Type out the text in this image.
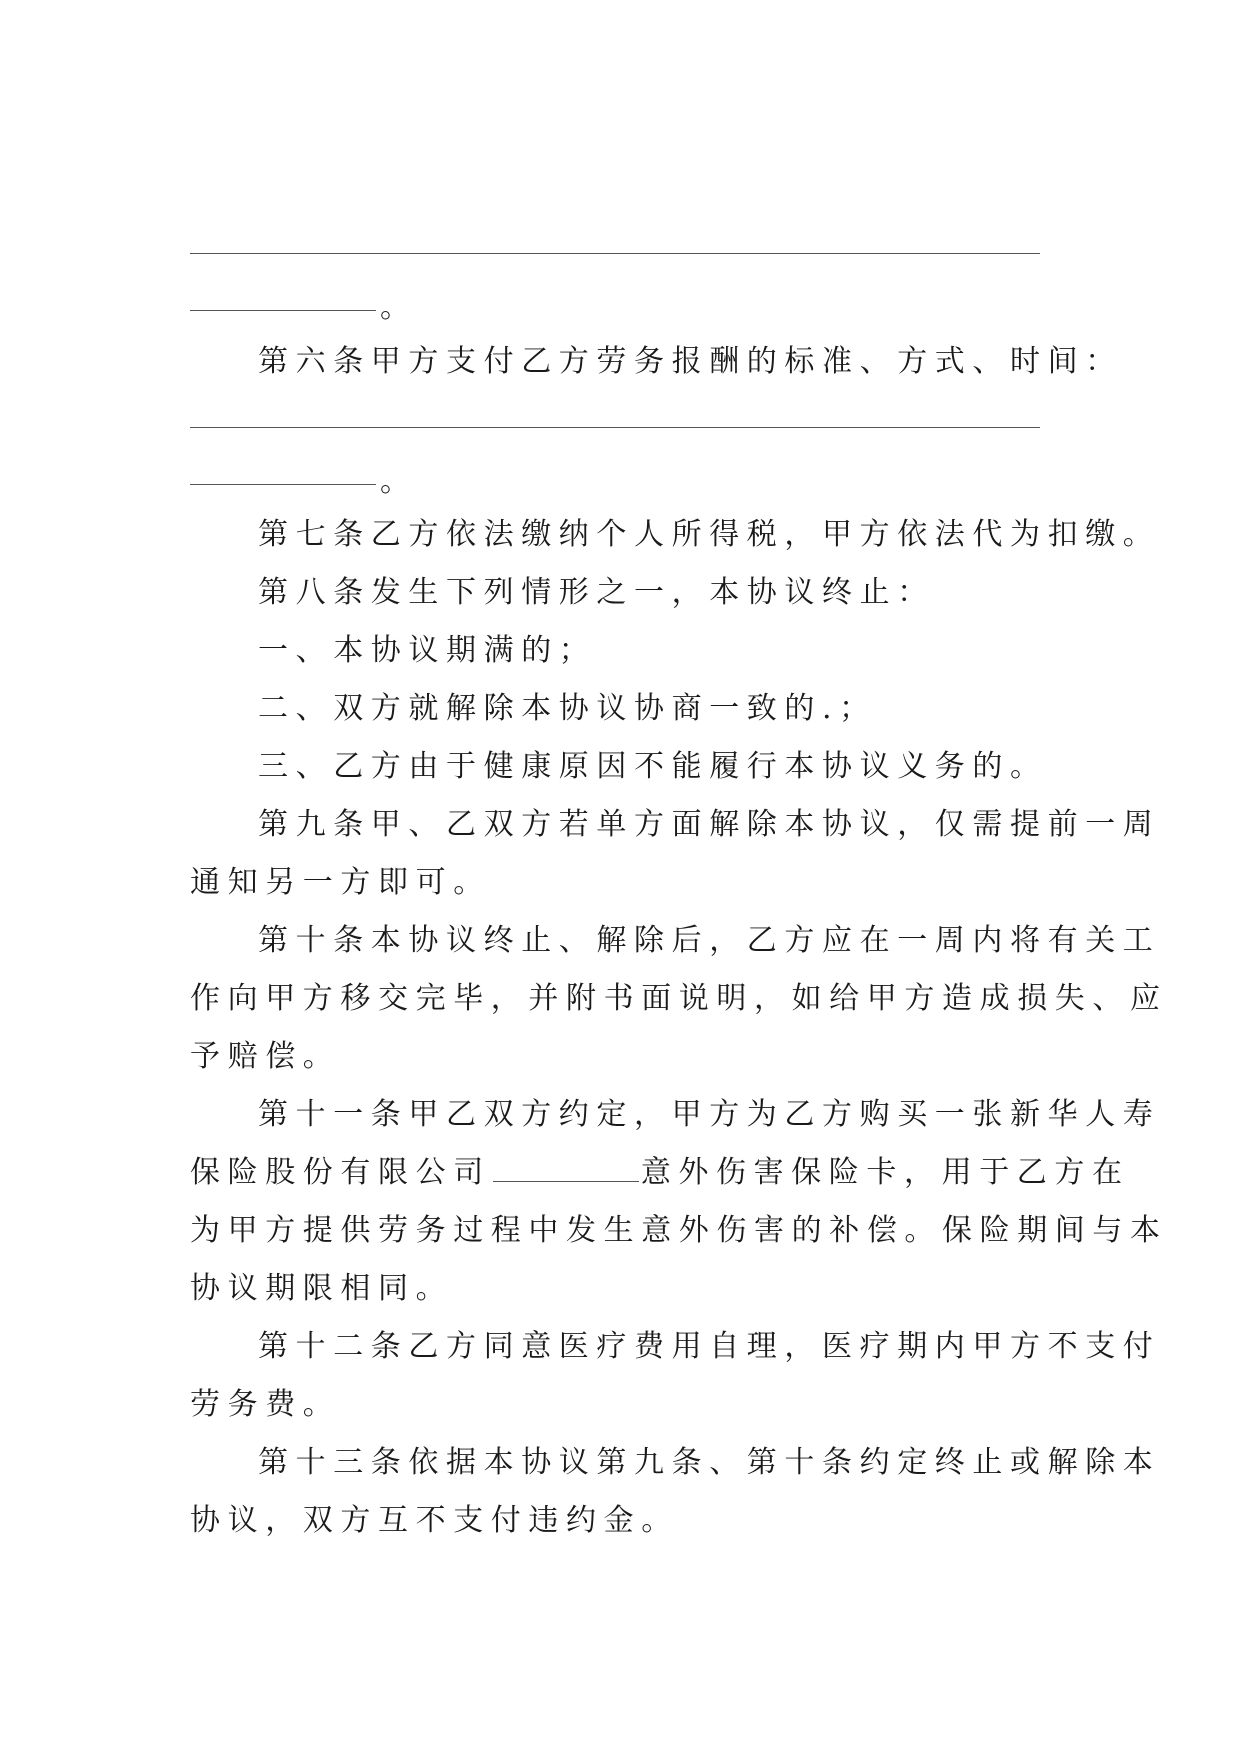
。
第六条甲方支付乙方劳务报酬的标准、方式、时间：
。
第七条乙方依法缴纳个人所得税，甲方依法代为扣缴。
第八条发生下列情形之一，本协议终止：
一、本协议期满的；
二、双方就解除本协议协商一致的.；
三、乙方由于健康原因不能履行本协议义务的。
第九条甲、乙双方若单方面解除本协议，仅需提前一周
通知另一方即可。
第十条本协议终止、解除后，乙方应在一周内将有关工
作向甲方移交完毕，并附书面说明，如给甲方造成损失、应
予赔偿。
第十一条甲乙双方约定，甲方为乙方购买一张新华人寿
保险股份有限公司	意外伤害保险卡，用于乙方在
为甲方提供劳务过程中发生意外伤害的补偿。保险期间与本
协议期限相同。
第十二条乙方同意医疗费用自理，医疗期内甲方不支付
劳务费。
第十三条依据本协议第九条、第十条约定终止或解除本
协议，双方互不支付违约金。
